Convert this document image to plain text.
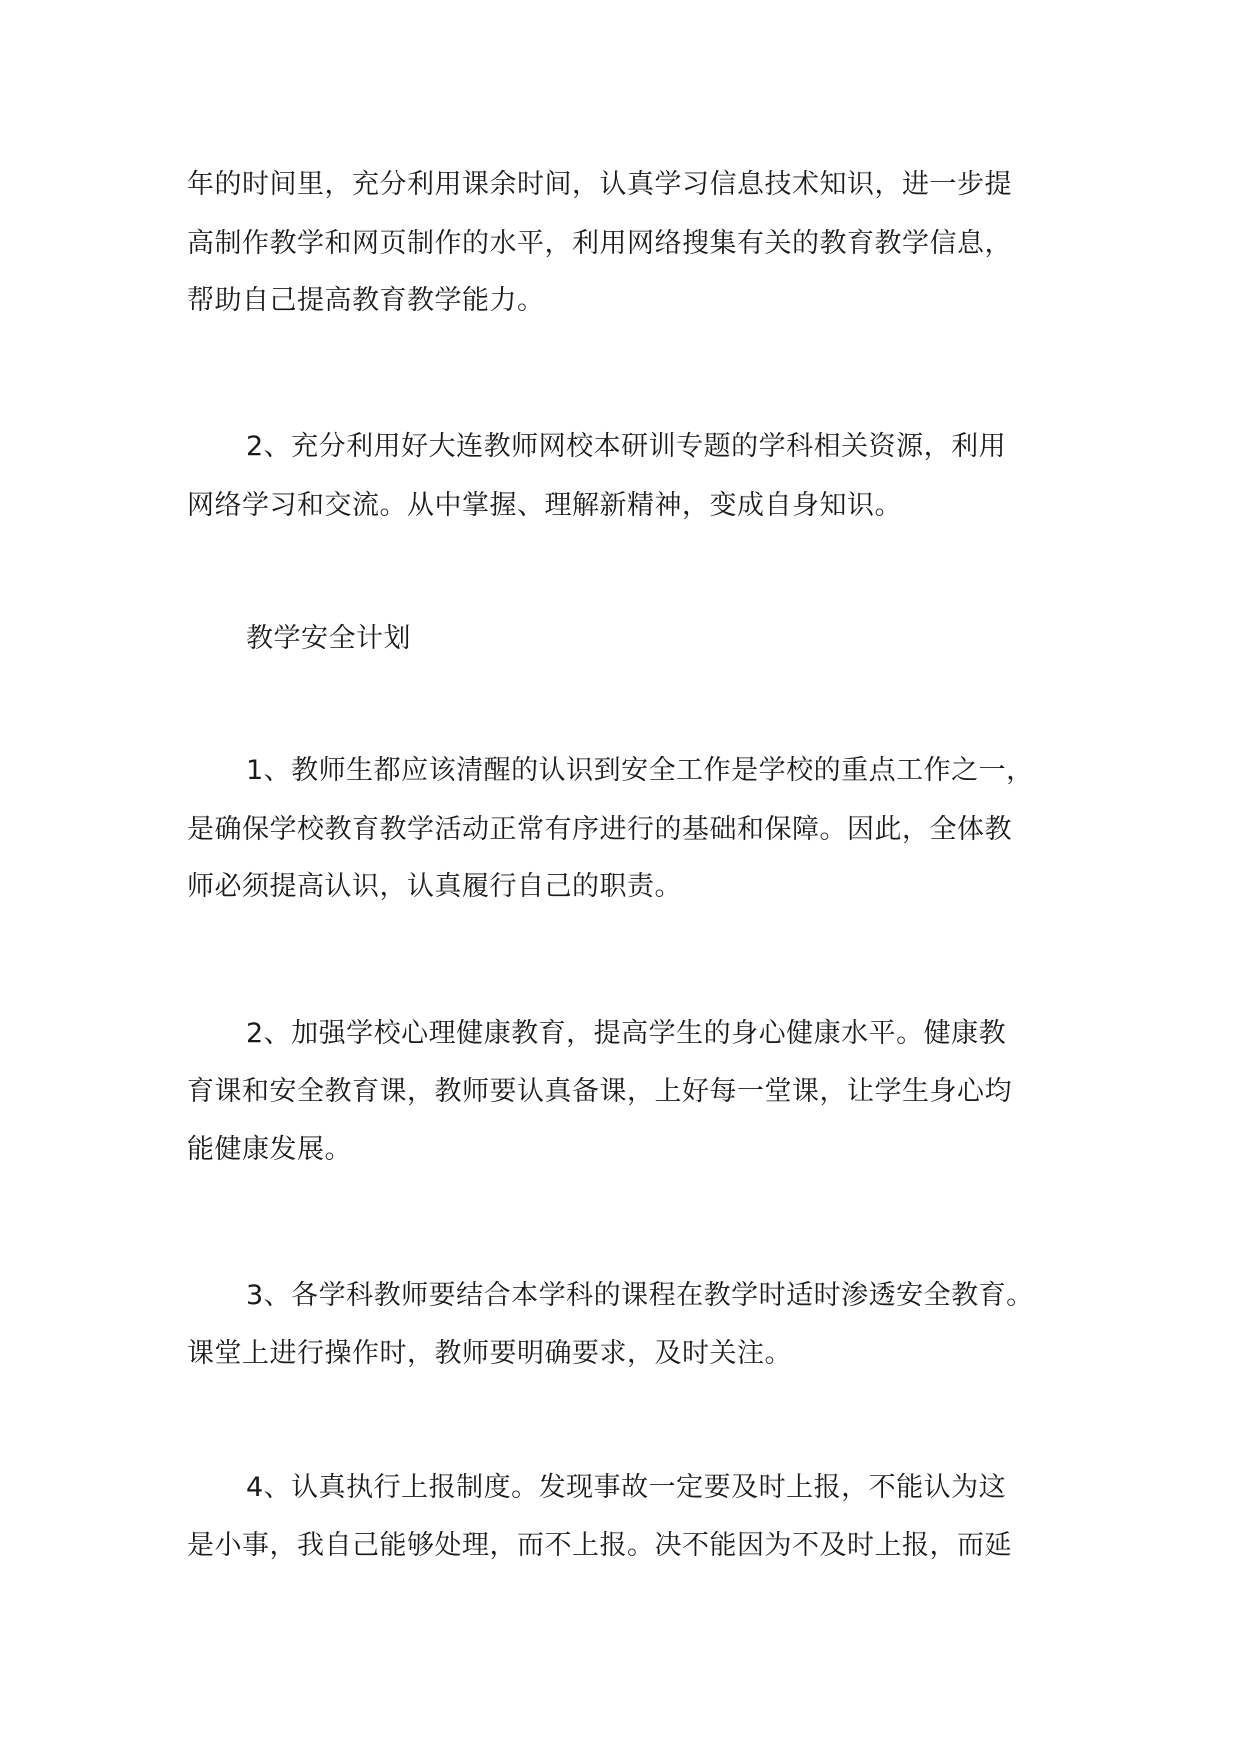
年的时间里，充分利用课余时间，认真学习信息技术知识，进一步提
高制作教学和网页制作的水平，利用网络搜集有关的教育教学信息，
帮助自己提高教育教学能力。
2、充分利用好大连教师网校本研训专题的学科相关资源，利用
网络学习和交流。从中掌握、理解新精神，变成自身知识。
教学安全计划
1、教师生都应该清醒的认识到安全工作是学校的重点工作之一，
是确保学校教育教学活动正常有序进行的基础和保障。因此，全体教
师必须提高认识，认真履行自己的职责。
2、加强学校心理健康教育，提高学生的身心健康水平。健康教
育课和安全教育课，教师要认真备课，上好每一堂课，让学生身心均
能健康发展。
3、各学科教师要结合本学科的课程在教学时适时渗透安全教育。
课堂上进行操作时，教师要明确要求，及时关注。
4、认真执行上报制度。发现事故一定要及时上报，不能认为这
是小事，我自己能够处理，而不上报。决不能因为不及时上报，而延
